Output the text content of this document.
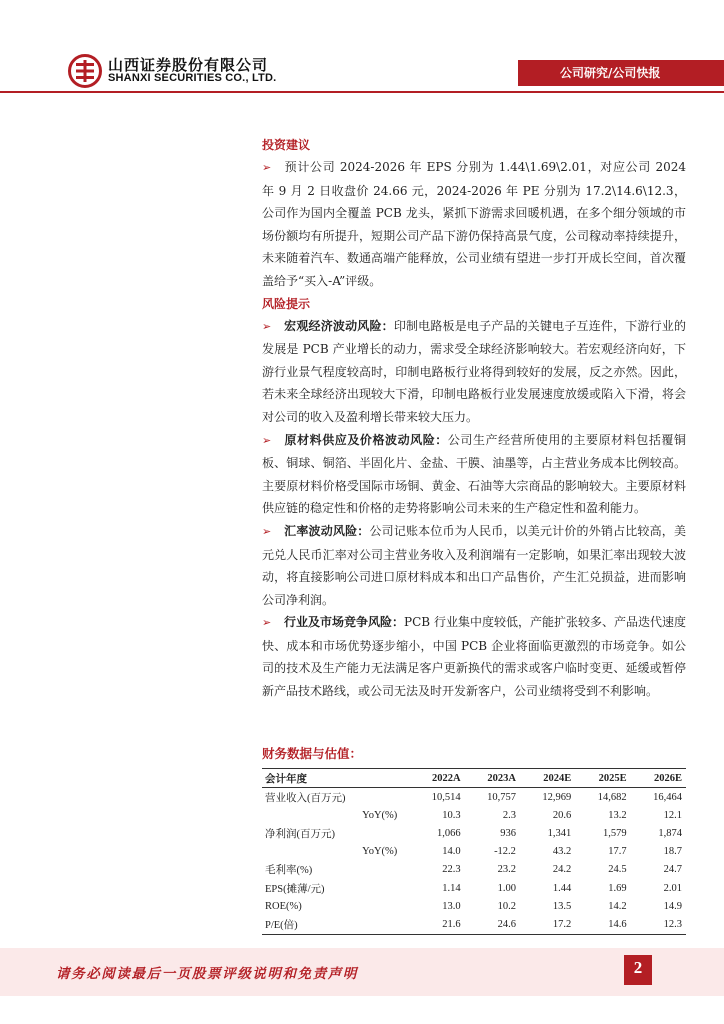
山西证券股份有限公司
SHANXI SECURITIES CO., LTD.	公司研究/公司快报
投资建议

➢ 预计公司 2024-2026 年 EPS 分别为 1.44\1.69\2.01，对应公司 2024 年 9 月 2 日收盘价 24.66 元，2024-2026 年 PE 分别为 17.2\14.6\12.3，公司作为国内全覆盖 PCB 龙头，紧抓下游需求回暖机遇，在多个细分领域的市场份额均有所提升，短期公司产品下游仍保持高景气度，公司稼动率持续提升，未来随着汽车、数通高端产能释放，公司业绩有望进一步打开成长空间，首次覆盖给予“买入-A”评级。

风险提示

➢ 宏观经济波动风险：印制电路板是电子产品的关键电子互连件，下游行业的发展是 PCB 产业增长的动力，需求受全球经济影响较大。若宏观经济向好，下游行业景气程度较高时，印制电路板行业将得到较好的发展，反之亦然。因此，若未来全球经济出现较大下滑，印制电路板行业发展速度放缓或陷入下滑，将会对公司的收入及盈利增长带来较大压力。

➢ 原材料供应及价格波动风险：公司生产经营所使用的主要原材料包括覆铜板、铜球、铜箔、半固化片、金盐、干膜、油墨等，占主营业务成本比例较高。主要原材料价格受国际市场铜、黄金、石油等大宗商品的影响较大。主要原材料供应链的稳定性和价格的走势将影响公司未来的生产稳定性和盈利能力。

➢ 汇率波动风险：公司记账本位币为人民币，以美元计价的外销占比较高，美元兑人民币汇率对公司主营业务收入及利润端有一定影响，如果汇率出现较大波动，将直接影响公司进口原材料成本和出口产品售价，产生汇兑损益，进而影响公司净利润。

➢ 行业及市场竞争风险：PCB 行业集中度较低，产能扩张较多、产品迭代速度快、成本和市场优势逐步缩小，中国 PCB 企业将面临更激烈的市场竞争。如公司的技术及生产能力无法满足客户更新换代的需求或客户临时变更、延缓或暂停新产品技术路线，或公司无法及时开发新客户，公司业绩将受到不利影响。

财务数据与估值：
会计年度	2022A	2023A	2024E	2025E	2026E
营业收入(百万元)	10,514	10,757	12,969	14,682	16,464
YoY(%)	10.3	2.3	20.6	13.2	12.1
净利润(百万元)	1,066	936	1,341	1,579	1,874
YoY(%)	14.0	-12.2	43.2	17.7	18.7
毛利率(%)	22.3	23.2	24.2	24.5	24.7
EPS(摊薄/元)	1.14	1.00	1.44	1.69	2.01
ROE(%)	13.0	10.2	13.5	14.2	14.9
P/E(倍)	21.6	24.6	17.2	14.6	12.3
请务必阅读最后一页股票评级说明和免责声明	2
